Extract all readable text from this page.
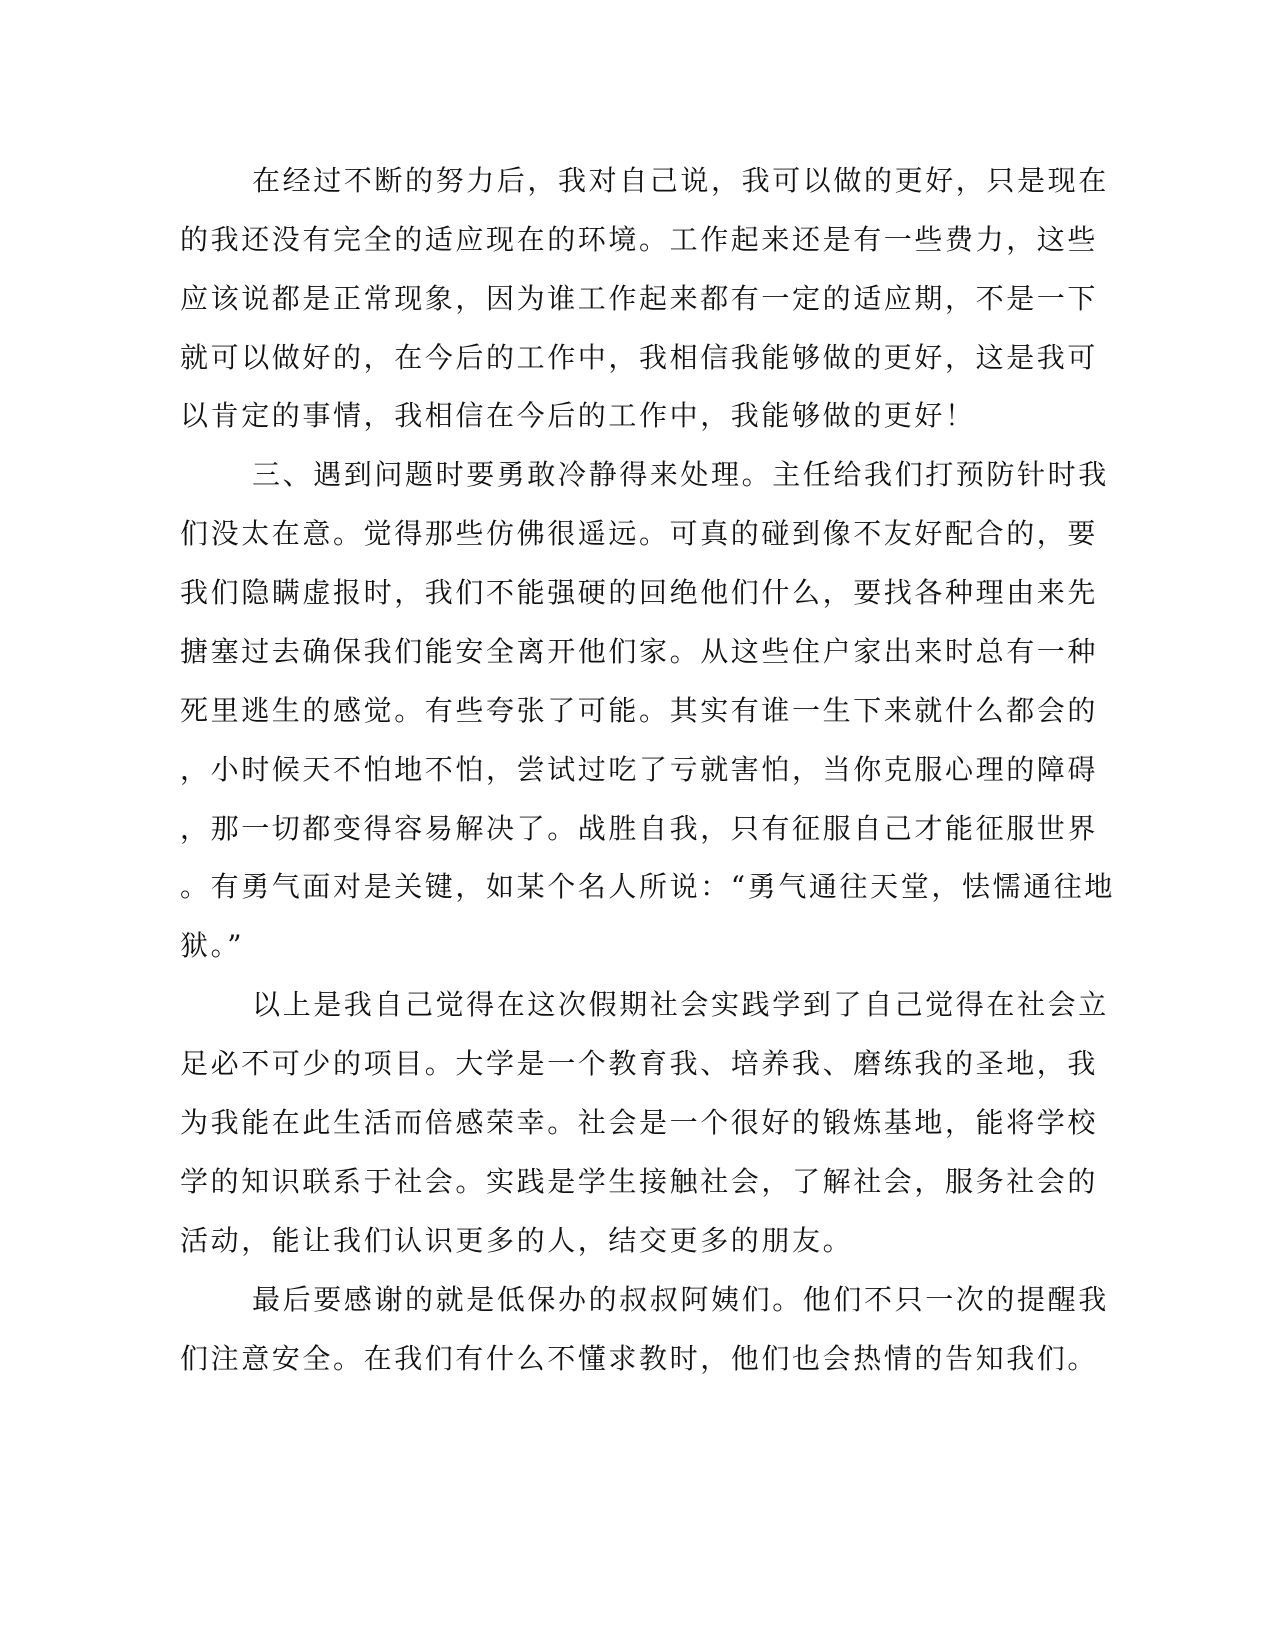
在经过不断的努力后，我对自己说，我可以做的更好，只是现在
的我还没有完全的适应现在的环境。工作起来还是有一些费力，这些
应该说都是正常现象，因为谁工作起来都有一定的适应期，不是一下
就可以做好的，在今后的工作中，我相信我能够做的更好，这是我可
以肯定的事情，我相信在今后的工作中，我能够做的更好！
三、遇到问题时要勇敢冷静得来处理。主任给我们打预防针时我
们没太在意。觉得那些仿佛很遥远。可真的碰到像不友好配合的，要
我们隐瞒虚报时，我们不能强硬的回绝他们什么，要找各种理由来先
搪塞过去确保我们能安全离开他们家。从这些住户家出来时总有一种
死里逃生的感觉。有些夸张了可能。其实有谁一生下来就什么都会的
，小时候天不怕地不怕，尝试过吃了亏就害怕，当你克服心理的障碍
，那一切都变得容易解决了。战胜自我，只有征服自己才能征服世界
。有勇气面对是关键，如某个名人所说：“勇气通往天堂，怯懦通往地
狱。”
以上是我自己觉得在这次假期社会实践学到了自己觉得在社会立
足必不可少的项目。大学是一个教育我、培养我、磨练我的圣地，我
为我能在此生活而倍感荣幸。社会是一个很好的锻炼基地，能将学校
学的知识联系于社会。实践是学生接触社会，了解社会，服务社会的
活动，能让我们认识更多的人，结交更多的朋友。
最后要感谢的就是低保办的叔叔阿姨们。他们不只一次的提醒我
们注意安全。在我们有什么不懂求教时，他们也会热情的告知我们。
